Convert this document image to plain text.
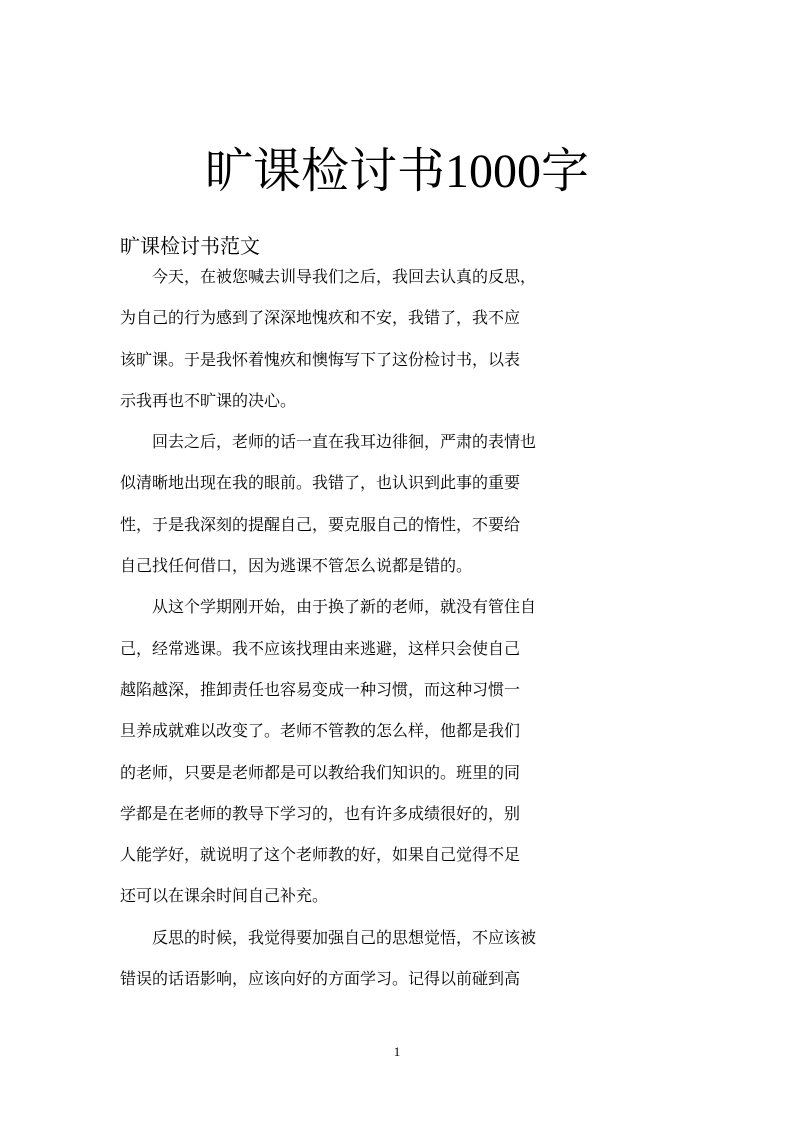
旷课检讨书1000字
旷课检讨书范文
　　今天，在被您喊去训导我们之后，我回去认真的反思，
为自己的行为感到了深深地愧疚和不安，我错了，我不应
该旷课。于是我怀着愧疚和懊悔写下了这份检讨书，以表
示我再也不旷课的决心。
　　回去之后，老师的话一直在我耳边徘徊，严肃的表情也
似清晰地出现在我的眼前。我错了，也认识到此事的重要
性，于是我深刻的提醒自己，要克服自己的惰性，不要给
自己找任何借口，因为逃课不管怎么说都是错的。
　　从这个学期刚开始，由于换了新的老师，就没有管住自
己，经常逃课。我不应该找理由来逃避，这样只会使自己
越陷越深，推卸责任也容易变成一种习惯，而这种习惯一
旦养成就难以改变了。老师不管教的怎么样，他都是我们
的老师，只要是老师都是可以教给我们知识的。班里的同
学都是在老师的教导下学习的，也有许多成绩很好的，别
人能学好，就说明了这个老师教的好，如果自己觉得不足
还可以在课余时间自己补充。
　　反思的时候，我觉得要加强自己的思想觉悟，不应该被
错误的话语影响，应该向好的方面学习。记得以前碰到高
1
